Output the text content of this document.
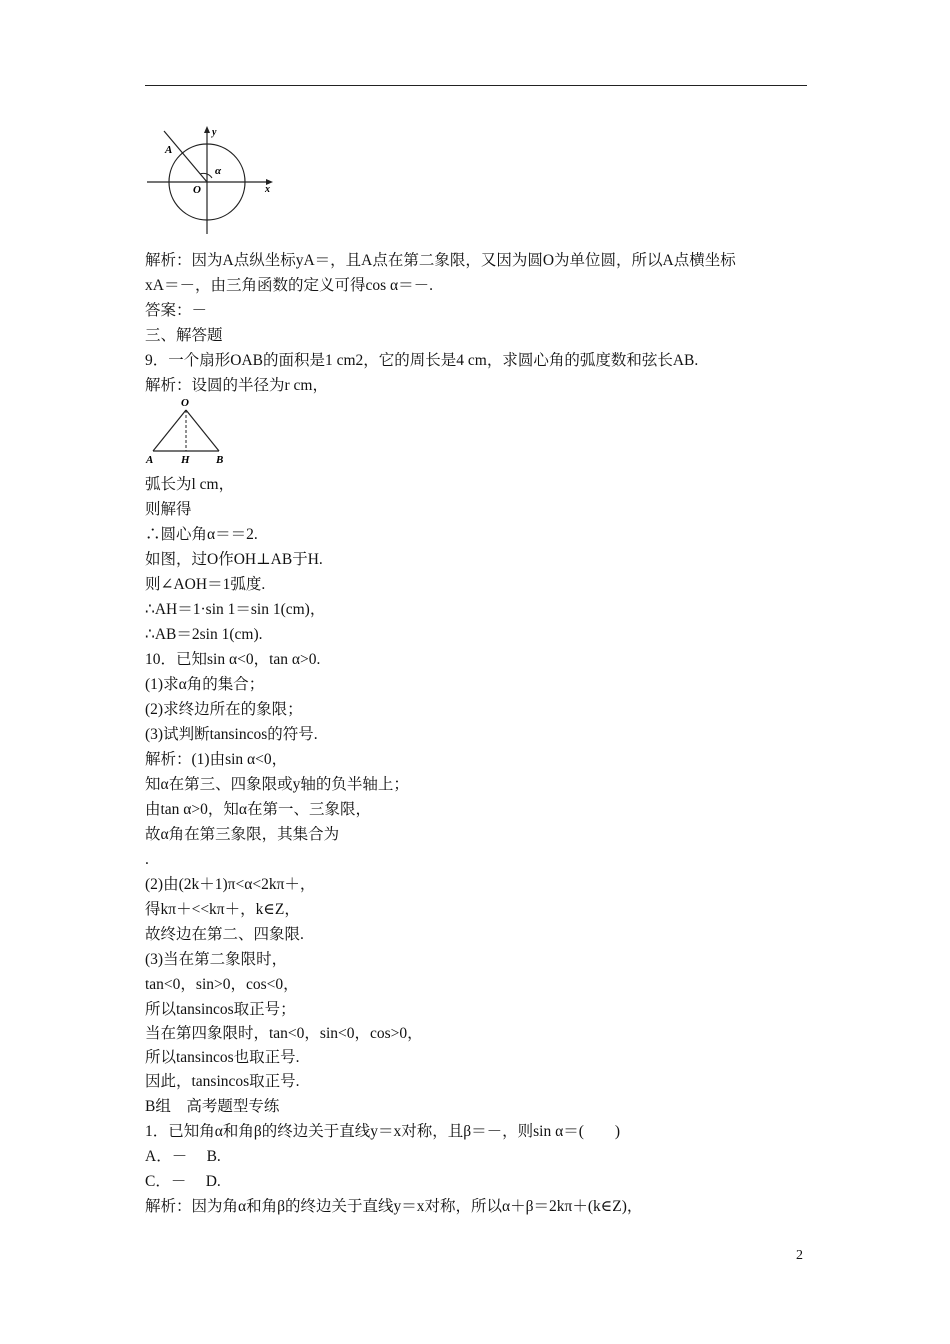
y
x
A
O
α
O
A	H B
解析：因为A点纵坐标yA＝，且A点在第二象限，又因为圆O为单位圆，所以A点横坐标
xA＝－，由三角函数的定义可得cos α＝－.
答案：－
三、解答题
9．一个扇形OAB的面积是1 cm2，它的周长是4 cm，求圆心角的弧度数和弦长AB.
解析：设圆的半径为r cm，
弧长为l cm，
则解得
∴圆心角α＝＝2.
如图，过O作OH⊥AB于H.
则∠AOH＝1弧度.
∴AH＝1·sin 1＝sin 1(cm)，
∴AB＝2sin 1(cm).
10．已知sin α<0，tan α>0.
(1)求α角的集合；
(2)求终边所在的象限；
(3)试判断tansincos的符号.
解析：(1)由sin α<0，
知α在第三、四象限或y轴的负半轴上；
由tan α>0，知α在第一、三象限，
故α角在第三象限，其集合为
.
(2)由(2k＋1)π<α<2kπ＋，
得kπ＋<<kπ＋，k∈Z，
故终边在第二、四象限.
(3)当在第二象限时，
tan<0，sin>0，cos<0，
所以tansincos取正号；
当在第四象限时，tan<0，sin<0，cos>0，
所以tansincos也取正号.
因此，tansincos取正号.
B组　高考题型专练
1．已知角α和角β的终边关于直线y＝x对称，且β＝－，则sin α＝(　　)
A．－　 B.
C．－　 D.
解析：因为角α和角β的终边关于直线y＝x对称，所以α＋β＝2kπ＋(k∈Z)，
2
